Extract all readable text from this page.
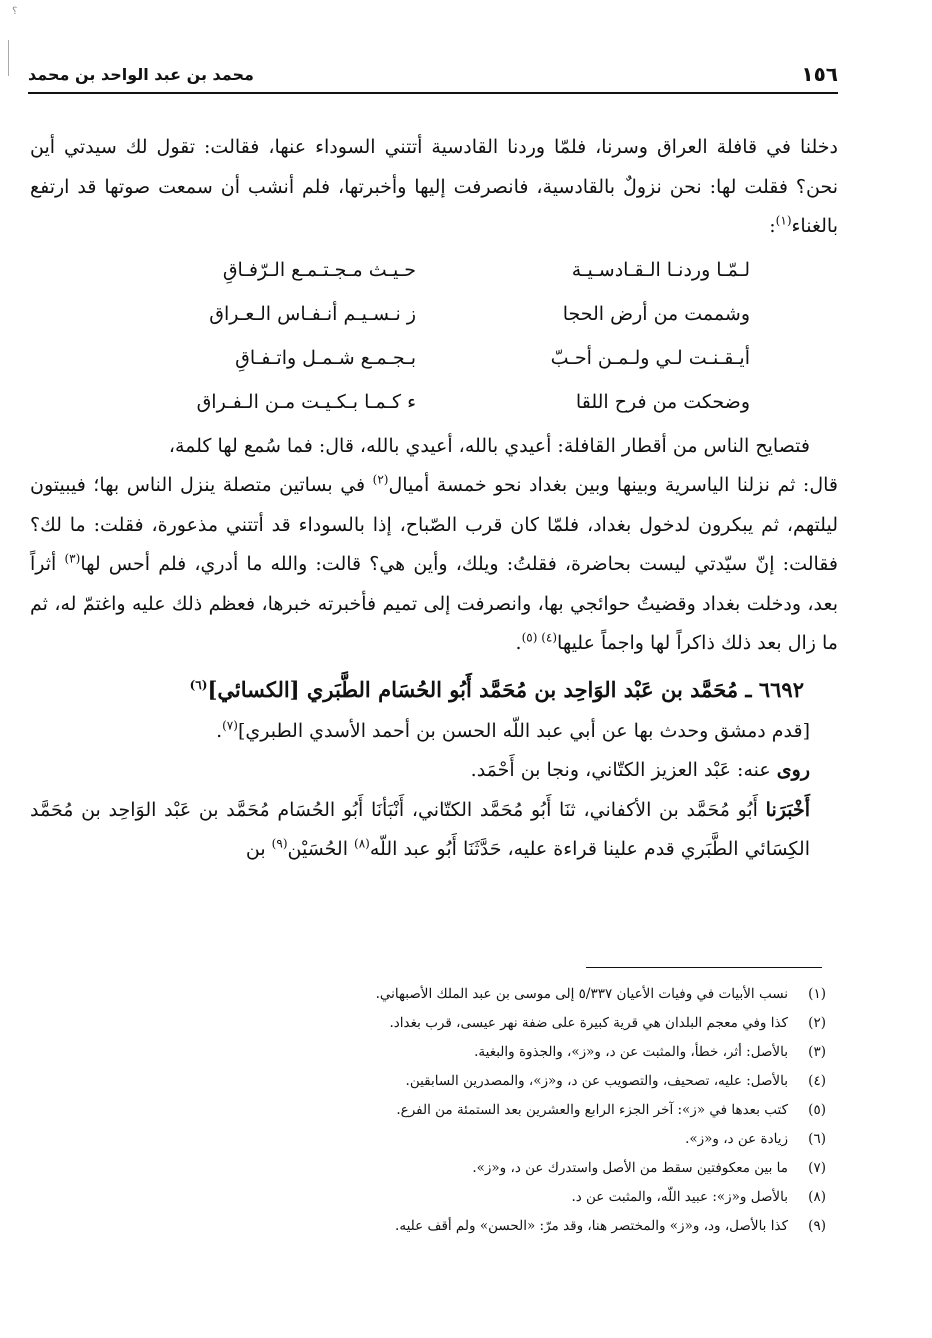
؟
محمد بن عبد الواحد بن محمد	١٥٦

دخلنا في قافلة العراق وسرنا، فلمّا وردنا القادسية أتتني السوداء عنها، فقالت: تقول لك سيدتي أين نحن؟ فقلت لها: نحن نزولٌ بالقادسية، فانصرفت إليها وأخبرتها، فلم أنشب أن سمعت صوتها قد ارتفع بالغناء$^{(١)}$:

لـمّـا وردنـا الـقـادسـيـة
حـيـث مـجـتـمـع الـرّفـاقِ
وشممت من أرض الحجا
ز نـسـيـم أنـفـاس الـعـراق
أيـقـنـت لـي ولـمـن أحـبّ
بـجـمـع شـمـل واتـفـاقِ
وضحكت من فرح اللقا
ء كـمـا بـكـيـت مـن الـفـراق

فتصايح الناس من أقطار القافلة: أعيدي بالله، أعيدي بالله، قال: فما سُمع لها كلمة،

قال: ثم نزلنا الياسرية وبينها وبين بغداد نحو خمسة أميال$^{(٢)}$ في بساتين متصلة ينزل الناس بها؛ فيبيتون ليلتهم، ثم يبكرون لدخول بغداد، فلمّا كان قرب الصّباح، إذا بالسوداء قد أتتني مذعورة، فقلت: ما لك؟ فقالت: إنّ سيّدتي ليست بحاضرة، فقلتُ: ويلك، وأين هي؟ قالت: والله ما أدري، فلم أحس لها$^{(٣)}$ أثراً بعد، ودخلت بغداد وقضيتُ حوائجي بها، وانصرفت إلى تميم فأخبرته خبرها، فعظم ذلك عليه واغتمّ له، ثم ما زال بعد ذلك ذاكراً لها واجماً عليها$^{(٤) (٥)}$.

٦٦٩٢ ـ مُحَمَّد بن عَبْد الوَاحِد بن مُحَمَّد أَبُو الحُسَام الطَّبَري [الكسائي]$^{(٦)}$

[قدم دمشق وحدث بها عن أبي عبد اللّه الحسن بن أحمد الأسدي الطبري]$^{(٧)}$.

روى عنه: عَبْد العزيز الكتّاني، ونجا بن أَحْمَد.

أَخْبَرَنا أَبُو مُحَمَّد بن الأكفاني، ثنَا أَبُو مُحَمَّد الكتّاني، أَنْبَأنَا أَبُو الحُسَام مُحَمَّد بن عَبْد الوَاحِد بن مُحَمَّد الكِسَائي الطَّبَري قدم علينا قراءة عليه، حَدَّثَنَا أَبُو عبد اللّه$^{(٨)}$ الحُسَيْن$^{(٩)}$ بن

(١)
نسب الأبيات في وفيات الأعيان ٥/٣٣٧ إلى موسى بن عبد الملك الأصبهاني.
(٢)
كذا وفي معجم البلدان هي قرية كبيرة على ضفة نهر عيسى، قرب بغداد.
(٣)
بالأصل: أثر، خطأ، والمثبت عن د، و«ز»، والجذوة والبغية.
(٤)
بالأصل: عليه، تصحيف، والتصويب عن د، و«ز»، والمصدرين السابقين.
(٥)
كتب بعدها في «ز»: آخر الجزء الرابع والعشرين بعد الستمئة من الفرع.
(٦)
زيادة عن د، و«ز».
(٧)
ما بين معكوفتين سقط من الأصل واستدرك عن د، و«ز».
(٨)
بالأصل و«ز»: عبيد اللّه، والمثبت عن د.
(٩)
كذا بالأصل، ود، و«ز» والمختصر هنا، وقد مرّ: «الحسن» ولم أقف عليه.
